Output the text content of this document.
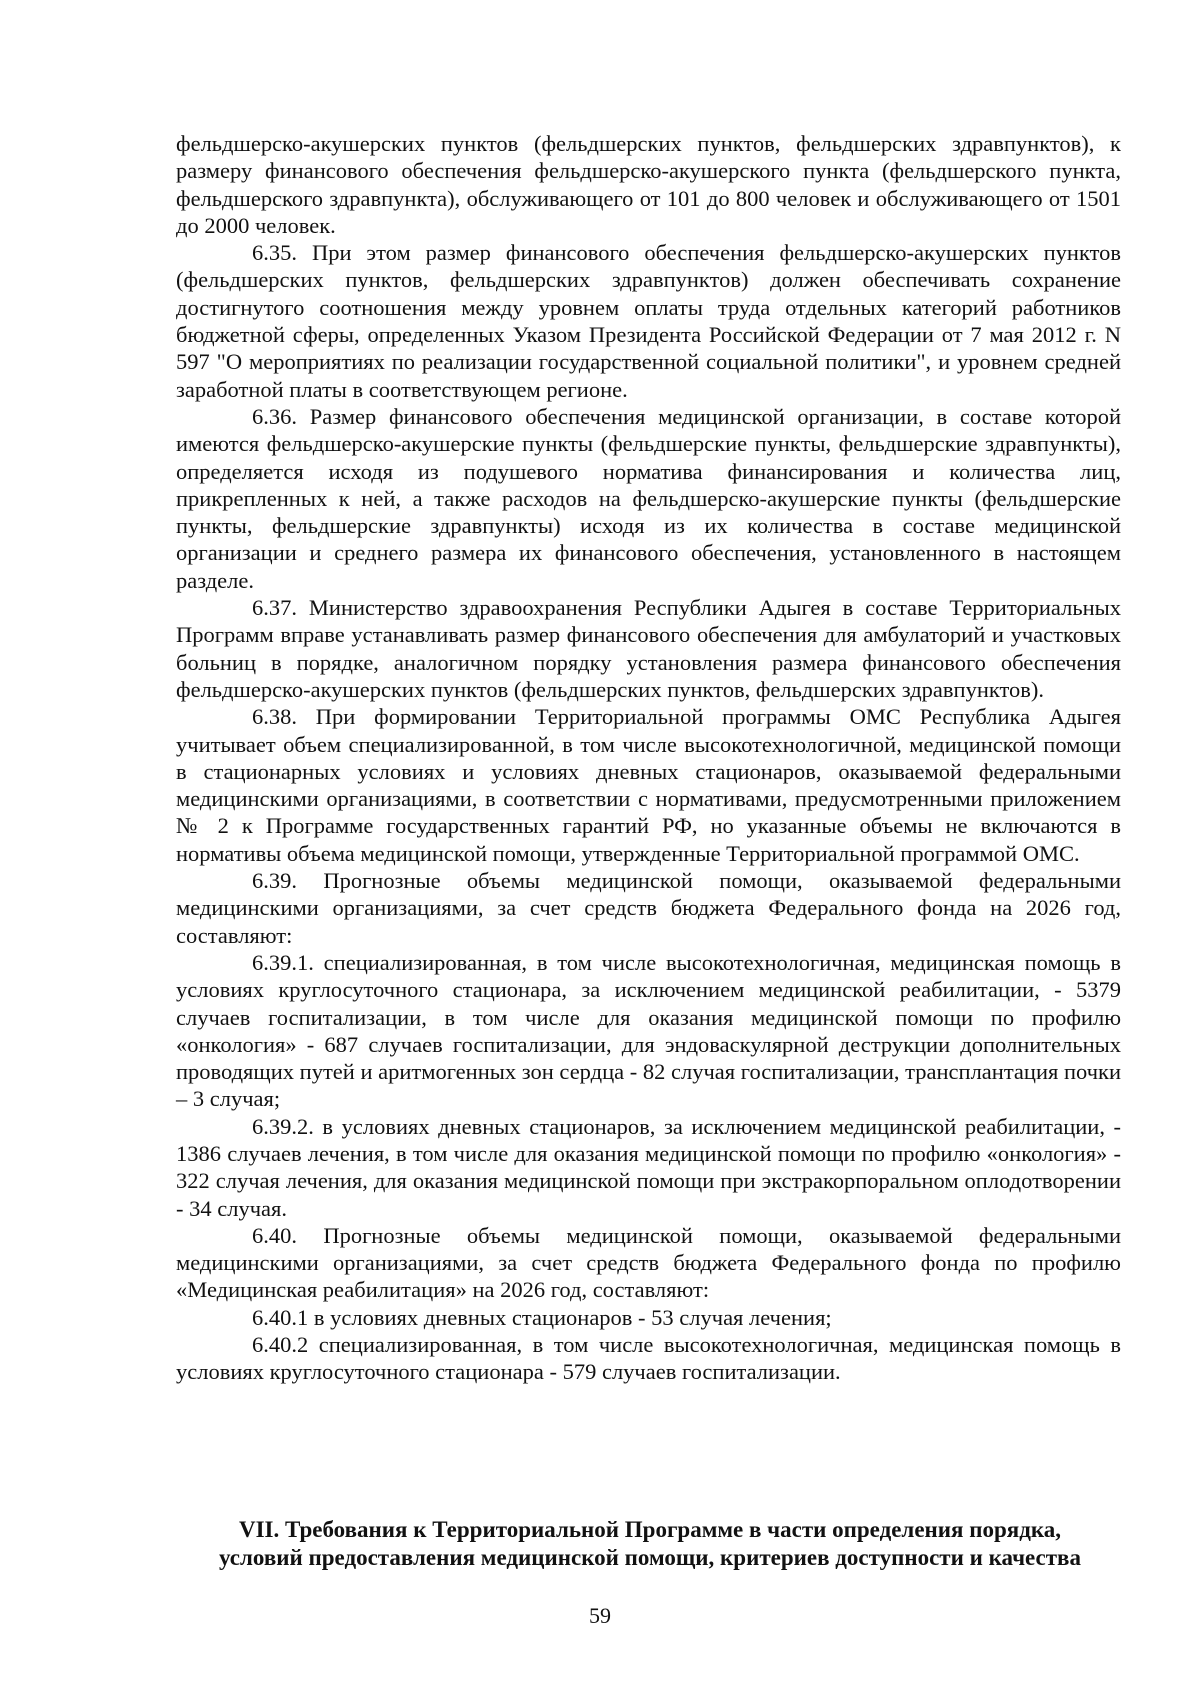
фельдшерско-акушерских пунктов (фельдшерских пунктов, фельдшерских здравпунктов), к размеру финансового обеспечения фельдшерско-акушерского пункта (фельдшерского пункта, фельдшерского здравпункта), обслуживающего от 101 до 800 человек и обслуживающего от 1501 до 2000 человек.

6.35. При этом размер финансового обеспечения фельдшерско-акушерских пунктов (фельдшерских пунктов, фельдшерских здравпунктов) должен обеспечивать сохранение достигнутого соотношения между уровнем оплаты труда отдельных категорий работников бюджетной сферы, определенных Указом Президента Российской Федерации от 7 мая 2012 г. N 597 "О мероприятиях по реализации государственной социальной политики", и уровнем средней заработной платы в соответствующем регионе.

6.36. Размер финансового обеспечения медицинской организации, в составе которой имеются фельдшерско-акушерские пункты (фельдшерские пункты, фельдшерские здравпункты), определяется исходя из подушевого норматива финансирования и количества лиц, прикрепленных к ней, а также расходов на фельдшерско-акушерские пункты (фельдшерские пункты, фельдшерские здравпункты) исходя из их количества в составе медицинской организации и среднего размера их финансового обеспечения, установленного в настоящем разделе.

6.37. Министерство здравоохранения Республики Адыгея в составе Территориальных Программ вправе устанавливать размер финансового обеспечения для амбулаторий и участковых больниц в порядке, аналогичном порядку установления размера финансового обеспечения фельдшерско-акушерских пунктов (фельдшерских пунктов, фельдшерских здравпунктов).

6.38. При формировании Территориальной программы ОМС Республика Адыгея учитывает объем специализированной, в том числе высокотехнологичной, медицинской помощи в стационарных условиях и условиях дневных стационаров, оказываемой федеральными медицинскими организациями, в соответствии с нормативами, предусмотренными приложением № 2 к Программе государственных гарантий РФ, но указанные объемы не включаются в нормативы объема медицинской помощи, утвержденные Территориальной программой ОМС.

6.39. Прогнозные объемы медицинской помощи, оказываемой федеральными медицинскими организациями, за счет средств бюджета Федерального фонда на 2026 год, составляют:

6.39.1. специализированная, в том числе высокотехнологичная, медицинская помощь в условиях круглосуточного стационара, за исключением медицинской реабилитации, - 5379 случаев госпитализации, в том числе для оказания медицинской помощи по профилю «онкология» - 687 случаев госпитализации, для эндоваскулярной деструкции дополнительных проводящих путей и аритмогенных зон сердца - 82 случая госпитализации, трансплантация почки – 3 случая;

6.39.2. в условиях дневных стационаров, за исключением медицинской реабилитации, - 1386 случаев лечения, в том числе для оказания медицинской помощи по профилю «онкология» - 322 случая лечения, для оказания медицинской помощи при экстракорпоральном оплодотворении - 34 случая.

6.40. Прогнозные объемы медицинской помощи, оказываемой федеральными медицинскими организациями, за счет средств бюджета Федерального фонда по профилю «Медицинская реабилитация» на 2026 год, составляют:

6.40.1 в условиях дневных стационаров - 53 случая лечения;

6.40.2 специализированная, в том числе высокотехнологичная, медицинская помощь в условиях круглосуточного стационара - 579 случаев госпитализации.

VII. Требования к Территориальной Программе в части определения порядка,
условий предоставления медицинской помощи, критериев доступности и качества
59
